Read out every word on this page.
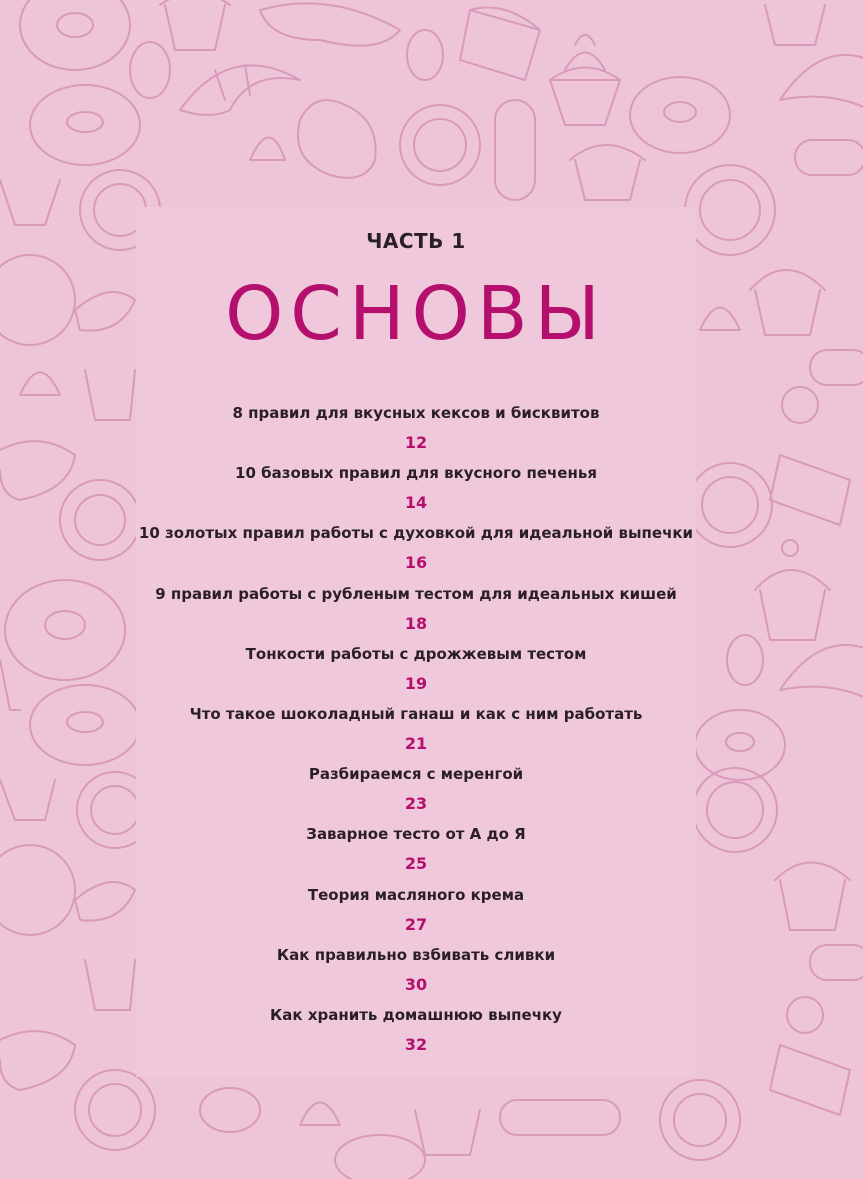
ЧАСТЬ 1
ОСНОВЫ
8 правил для вкусных кексов и бисквитов
12
10 базовых правил для вкусного печенья
14
10 золотых правил работы с духовкой для идеальной выпечки
16
9 правил работы с рубленым тестом для идеальных кишей
18
Тонкости работы с дрожжевым тестом
19
Что такое шоколадный ганаш и как с ним работать
21
Разбираемся с меренгой
23
Заварное тесто от А до Я
25
Теория масляного крема
27
Как правильно взбивать сливки
30
Как хранить домашнюю выпечку
32
